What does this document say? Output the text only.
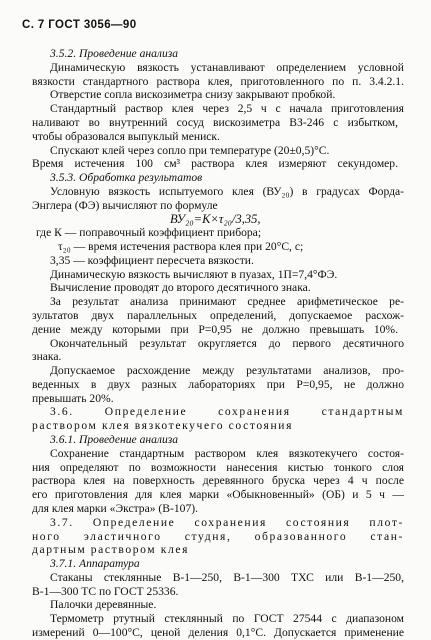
С. 7 ГОСТ 3056—90
3.5.2. Проведение анализа
Динамическую вязкость устанавливают определением условной
вязкости стандартного раствора клея, приготовленного по п. 3.4.2.1.
Отверстие сопла вискозиметра снизу закрывают пробкой.
Стандартный раствор клея через 2,5 ч с начала приготовления
наливают во внутренний сосуд вискозиметра ВЗ-246 с избытком,
чтобы образовался выпуклый мениск.
Спускают клей через сопло при температуре (20±0,5)°С.
Время истечения 100 см³ раствора клея измеряют секундомер.
3.5.3. Обработка результатов
Условную вязкость испытуемого клея (ВУ₂₀) в градусах Форда-
Энглера (ФЭ) вычисляют по формуле
ВУ₂₀=К×τ₂₀/3,35,
где К — поправочный коэффициент прибора;
τ₂₀ — время истечения раствора клея при 20°С, с;
3,35 — коэффициент пересчета вязкости.
Динамическую вязкость вычисляют в пуазах, 1П=7,4°ФЭ.
Вычисление проводят до второго десятичного знака.
За результат анализа принимают среднее арифметическое ре-
зультатов двух параллельных определений, допускаемое расхож-
дение между которыми при Р=0,95 не должно превышать 10%.
Окончательный результат округляется до первого десятичного
знака.
Допускаемое расхождение между результатами анализов, про-
веденных в двух разных лабораториях при Р=0,95, не должно
превышать 20%.
3.6. Определение сохранения стандартным
раствором клея вязкотекучего состояния
3.6.1. Проведение анализа
Сохранение стандартным раствором клея вязкотекучего состоя-
ния определяют по возможности нанесения кистью тонкого слоя
раствора клея на поверхность деревянного бруска через 4 ч после
его приготовления для клея марки «Обыкновенный» (ОБ) и 5 ч —
для клея марки «Экстра» (В-107).
3.7. Определение сохранения состояния плот-
ного эластичного студня, образованного стан-
дартным раствором клея
3.7.1. Аппаратура
Стаканы стеклянные В-1—250, В-1—300 ТХС или В-1—250,
В-1—300 ТС по ГОСТ 25336.
Палочки деревянные.
Термометр ртутный стеклянный по ГОСТ 27544 с диапазоном
измерений 0—100°С, ценой деления 0,1°С. Допускается применение
